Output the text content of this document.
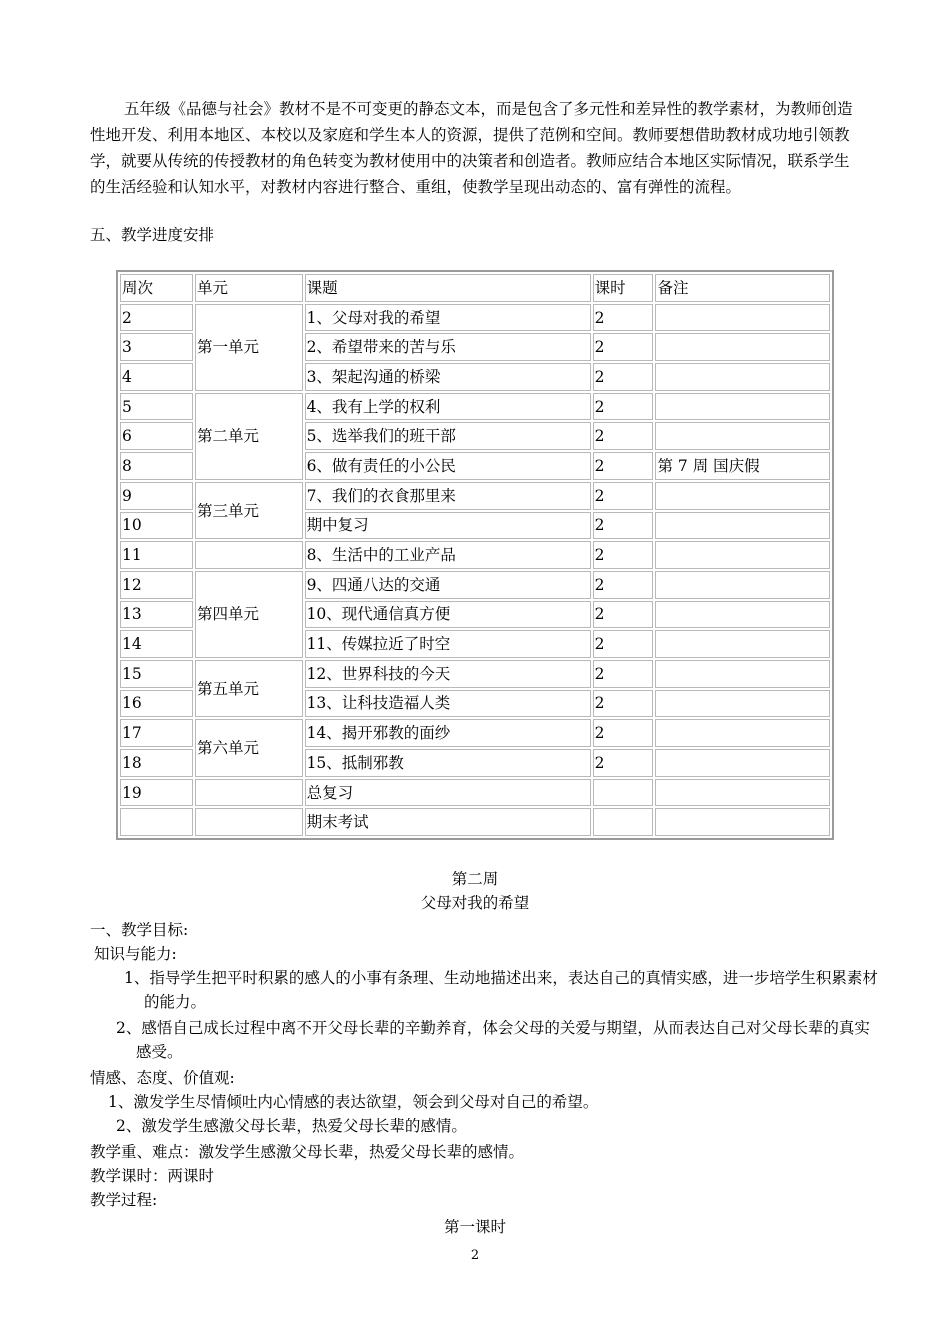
五年级《品德与社会》教材不是不可变更的静态文本，而是包含了多元性和差异性的教学素材，为教师创造性地开发、利用本地区、本校以及家庭和学生本人的资源，提供了范例和空间。教师要想借助教材成功地引领教学，就要从传统的传授教材的角色转变为教材使用中的决策者和创造者。教师应结合本地区实际情况，联系学生的生活经验和认知水平，对教材内容进行整合、重组，使教学呈现出动态的、富有弹性的流程。

五、教学进度安排

周次	单元	课题	课时	备注
2	第一单元	1、父母对我的希望	2	
3		2、希望带来的苦与乐	2	
4		3、架起沟通的桥梁	2	
5	第二单元	4、我有上学的权利	2	
6		5、选举我们的班干部	2	
8		6、做有责任的小公民	2	第 7 周 国庆假
9	第三单元	7、我们的衣食那里来	2	
10		期中复习	2	
11		8、生活中的工业产品	2	
12	第四单元	9、四通八达的交通	2	
13		10、现代通信真方便	2	
14		11、传媒拉近了时空	2	
15	第五单元	12、世界科技的今天	2	
16		13、让科技造福人类	2	
17	第六单元	14、揭开邪教的面纱	2	
18		15、抵制邪教	2	
19		总复习		
		期末考试		

第二周

父母对我的希望

一、教学目标:

知识与能力:

1、指导学生把平时积累的感人的小事有条理、生动地描述出来，表达自己的真情实感，进一步培学生积累素材的能力。

2、感悟自己成长过程中离不开父母长辈的辛勤养育，体会父母的关爱与期望，从而表达自己对父母长辈的真实感受。

情感、态度、价值观:

1、激发学生尽情倾吐内心情感的表达欲望，领会到父母对自己的希望。

2、激发学生感激父母长辈，热爱父母长辈的感情。

教学重、难点：激发学生感激父母长辈，热爱父母长辈的感情。

教学课时：两课时

教学过程:

第一课时

2
